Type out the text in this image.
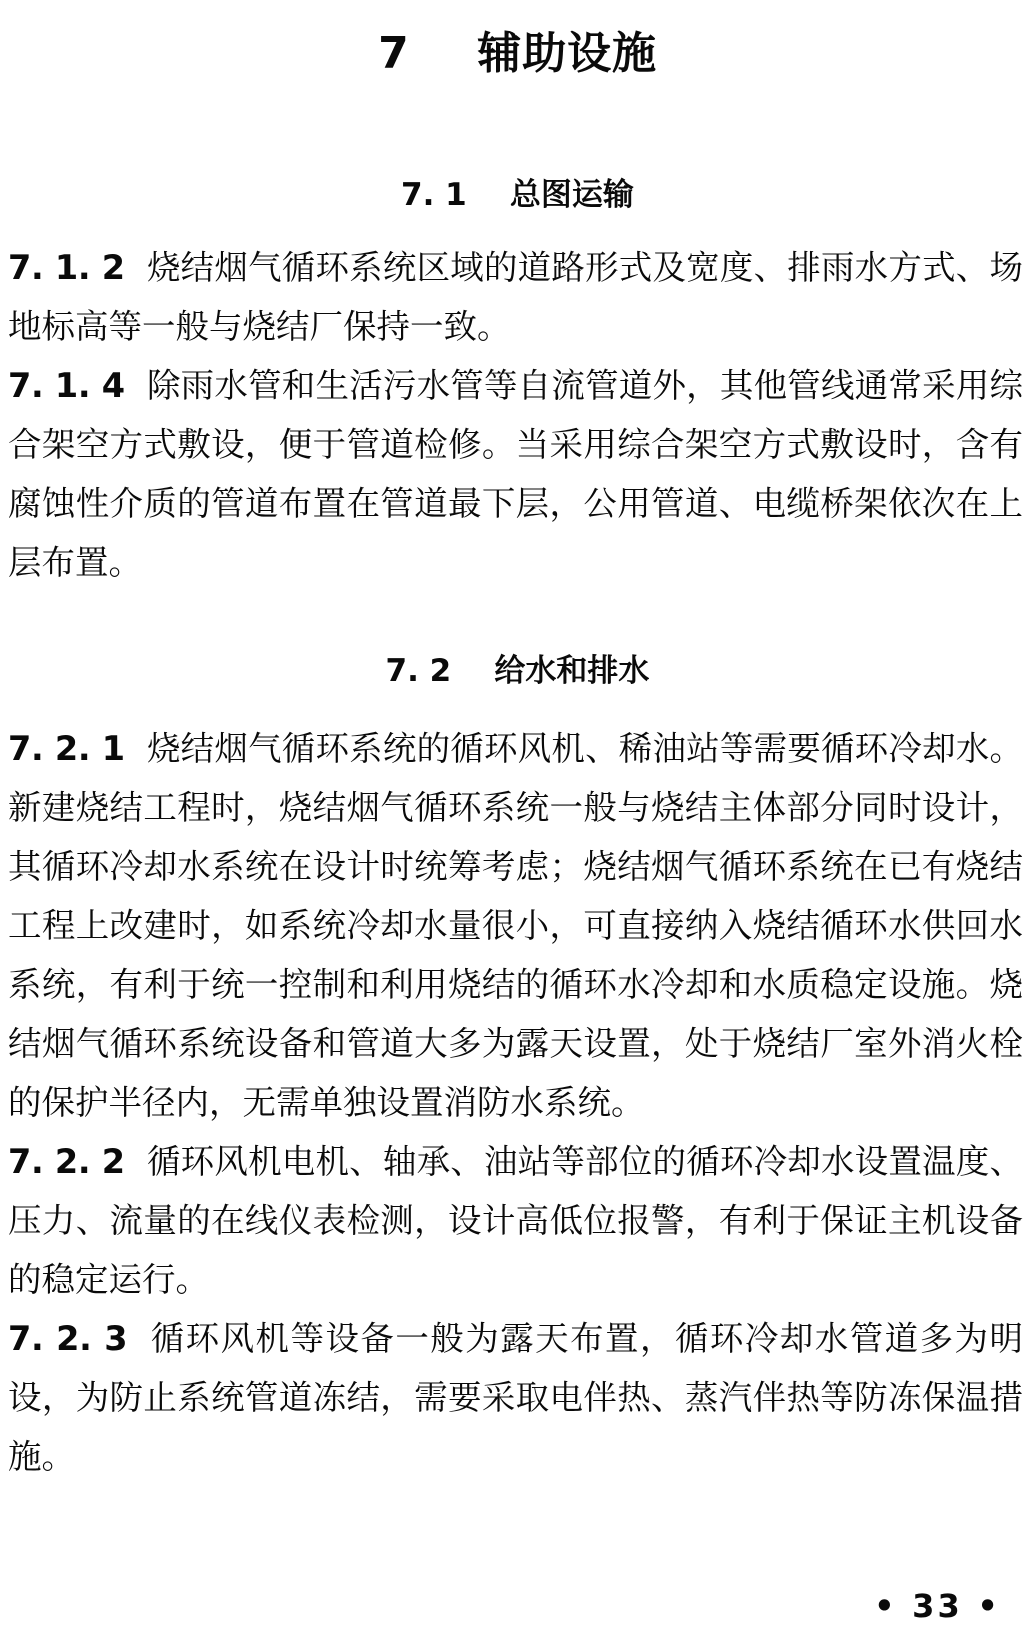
7  辅助设施
7. 1    总图运输

7. 1. 2 烧结烟气循环系统区域的道路形式及宽度、排雨水方式、场地标高等一般与烧结厂保持一致。

7. 1. 4 除雨水管和生活污水管等自流管道外，其他管线通常采用综合架空方式敷设，便于管道检修。当采用综合架空方式敷设时，含有腐蚀性介质的管道布置在管道最下层，公用管道、电缆桥架依次在上层布置。

7. 2    给水和排水

7. 2. 1 烧结烟气循环系统的循环风机、稀油站等需要循环冷却水。新建烧结工程时，烧结烟气循环系统一般与烧结主体部分同时设计，其循环冷却水系统在设计时统筹考虑；烧结烟气循环系统在已有烧结工程上改建时，如系统冷却水量很小，可直接纳入烧结循环水供回水系统，有利于统一控制和利用烧结的循环水冷却和水质稳定设施。烧结烟气循环系统设备和管道大多为露天设置，处于烧结厂室外消火栓的保护半径内，无需单独设置消防水系统。

7. 2. 2 循环风机电机、轴承、油站等部位的循环冷却水设置温度、压力、流量的在线仪表检测，设计高低位报警，有利于保证主机设备的稳定运行。

7. 2. 3 循环风机等设备一般为露天布置，循环冷却水管道多为明设，为防止系统管道冻结，需要采取电伴热、蒸汽伴热等防冻保温措施。

• 33 •
